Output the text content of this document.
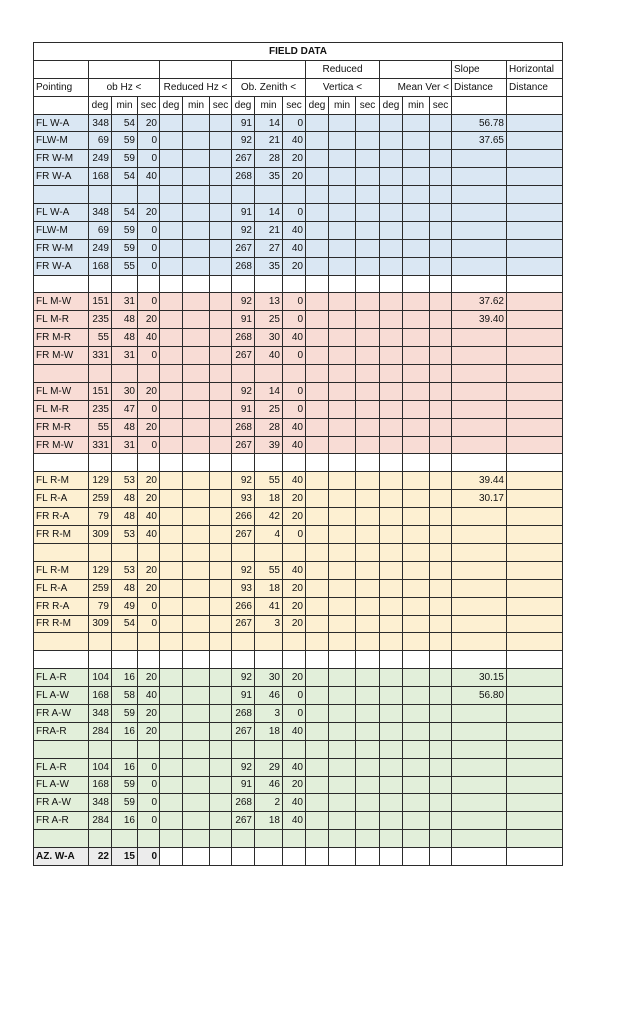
FIELD DATA																	
										Reduced						Slope	Horizontal
Pointing	ob Hz <			Reduced Hz <			Ob. Zenith <			Vertica <			Mean Ver <			Distance	Distance
	deg	min	sec	deg	min	sec	deg	min	sec	deg	min	sec	deg	min	sec		
FL W-A	348	54	20				91	14	0							56.78	
FLW-M	69	59	0				92	21	40							37.65	
FR W-M	249	59	0				267	28	20								
FR W-A	168	54	40				268	35	20								

FL W-A	348	54	20				91	14	0								
FLW-M	69	59	0				92	21	40								
FR W-M	249	59	0				267	27	40								
FR W-A	168	55	0				268	35	20								

FL M-W	151	31	0				92	13	0							37.62	
FL M-R	235	48	20				91	25	0							39.40	
FR M-R	55	48	40				268	30	40								
FR M-W	331	31	0				267	40	0								

FL M-W	151	30	20				92	14	0								
FL M-R	235	47	0				91	25	0								
FR M-R	55	48	20				268	28	40								
FR M-W	331	31	0				267	39	40								

FL R-M	129	53	20				92	55	40							39.44	
FL R-A	259	48	20				93	18	20							30.17	
FR R-A	79	48	40				266	42	20								
FR R-M	309	53	40				267	4	0								

FL R-M	129	53	20				92	55	40								
FL R-A	259	48	20				93	18	20								
FR R-A	79	49	0				266	41	20								
FR R-M	309	54	0				267	3	20								

FL A-R	104	16	20				92	30	20							30.15	
FL A-W	168	58	40				91	46	0							56.80	
FR A-W	348	59	20				268	3	0								
FRA-R	284	16	20				267	18	40								

FL A-R	104	16	0				92	29	40								
FL A-W	168	59	0				91	46	20								
FR A-W	348	59	0				268	2	40								
FR A-R	284	16	0				267	18	40								

AZ. W-A	22	15	0														
